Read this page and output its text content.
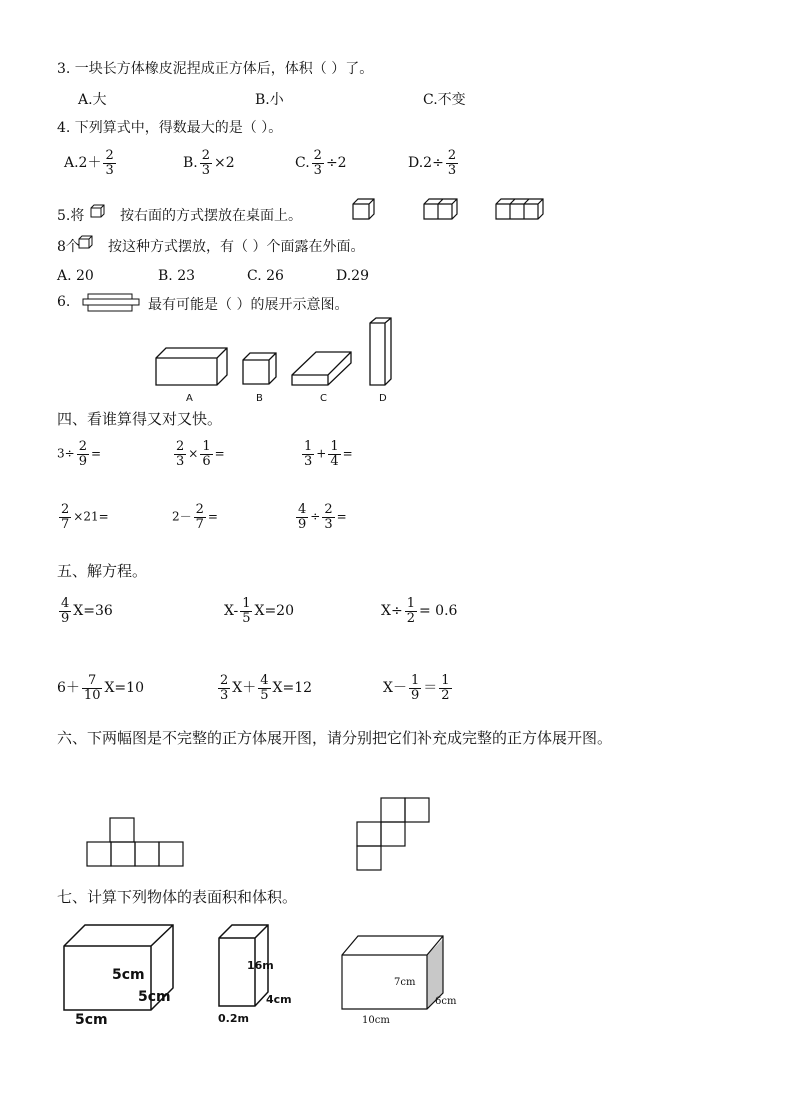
3. 一块长方体橡皮泥捏成正方体后，体积（ ）了。
A.大	B.小	C.不变
4. 下列算式中，得数最大的是（ ）。
$A.2+ \frac{2}{3}$	B. $\frac{2}{3} \times 2$	C. $\frac{2}{3} \div 2$	$D.2\div \frac{2}{3}$
5.将	按右面的方式摆放在桌面上。
8个 按这种方式摆放，有（ ）个面露在外面。
A. 20	B. 23	C. 26	D.29
6.	最有可能是（ ）的展开示意图。
A	B	C	D
四、看谁算得又对又快。
$3\div \frac{2}{9}$ =	$\frac{2}{3} \times \frac{1}{6}$ =	$\frac{1}{3} + \frac{1}{4}$ =
$\frac{2}{7} \times 21=$	$2- \frac{2}{7}$ =	$\frac{4}{9} \div \frac{2}{3}$ =
五、解方程。
$\frac{4}{9} X=36$	$X- \frac{1}{5} X=20$	$X\div \frac{1}{2} = 0.6$
$6+ \frac{7}{10} X=10$	$\frac{2}{3} X+ \frac{4}{5} X=12$	$X- \frac{1}{9} = \frac{1}{2}$
六、下两幅图是不完整的正方体展开图，请分别把它们补充成完整的正方体展开图。
七、计算下列物体的表面积和体积。
5cm
5cm
5cm
16m
4cm
0.2m
7cm
6cm
10cm
